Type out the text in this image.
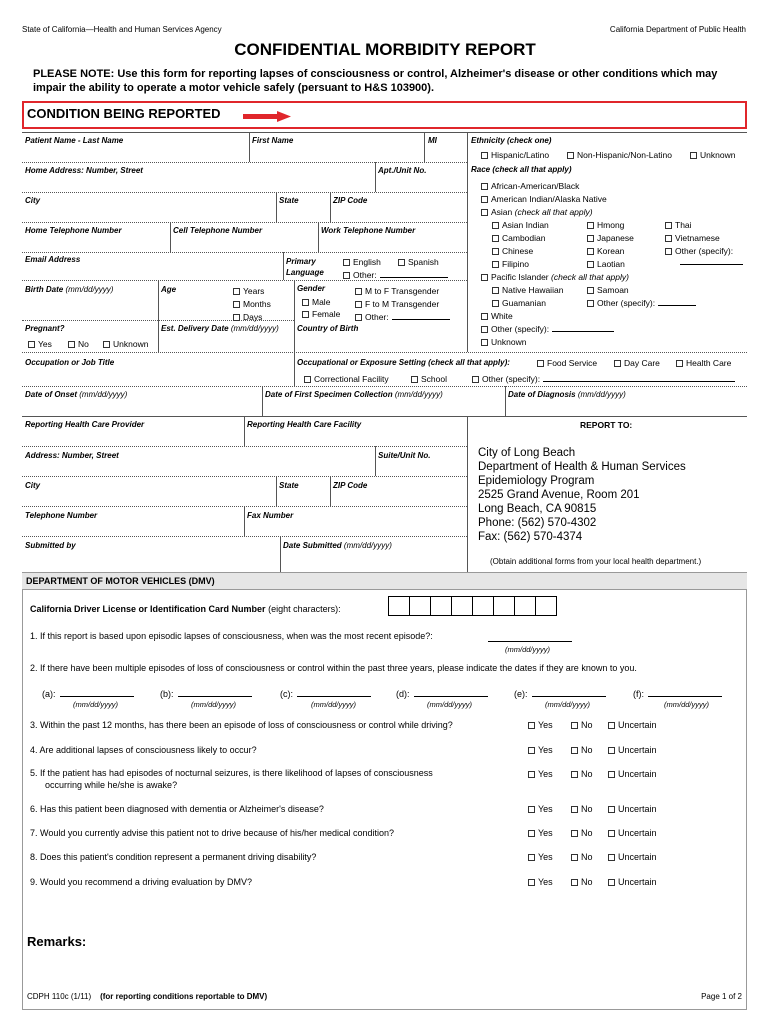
State of California—Health and Human Services Agency	California Department of Public Health
CONFIDENTIAL MORBIDITY REPORT
PLEASE NOTE: Use this form for reporting lapses of consciousness or control, Alzheimer's disease or other conditions which may impair the ability to operate a motor vehicle safely (persuant to H&S 103900).
CONDITION BEING REPORTED
Patient Name - Last Name	First Name	MI
Home Address: Number, Street	Apt./Unit No.
City	State	ZIP Code
Home Telephone Number	Cell Telephone Number	Work Telephone Number
Email Address	Primary
Language
English	Spanish
Other:
Birth Date (mm/dd/yyyy)	Age	Years
Months
Days
Gender
Male
Female
M to F Transgender
F to M Transgender
Other:
Pregnant?
Yes	No	Unknown
Est. Delivery Date (mm/dd/yyyy) Country of Birth
Occupation or Job Title	Occupational or Exposure Setting (check all that apply):	Food Service	Day Care	Health Care
Correctional Facility	School	Other (specify):
Date of Onset (mm/dd/yyyy)	Date of First Specimen Collection (mm/dd/yyyy)	Date of Diagnosis (mm/dd/yyyy)
Ethnicity (check one)
Hispanic/Latino	Non-Hispanic/Non-Latino	Unknown
Race (check all that apply)
African-American/Black
American Indian/Alaska Native
Asian (check all that apply)
Asian Indian	Hmong	Thai
Cambodian	Japanese	Vietnamese
Chinese	Korean	Other (specify):
Filipino	Laotian
Pacific Islander (check all that apply)
Native Hawaiian	Samoan
Guamanian	Other (specify):
White
Other (specify):
Unknown
Reporting Health Care Provider	Reporting Health Care Facility
Address: Number, Street	Suite/Unit No.
City	State	ZIP Code
Telephone Number	Fax Number
Submitted by	Date Submitted (mm/dd/yyyy)
REPORT TO:
City of Long Beach
Department of Health & Human Services
Epidemiology Program
2525 Grand Avenue, Room 201
Long Beach, CA 90815
Phone: (562) 570-4302
Fax: (562) 570-4374
(Obtain additional forms from your local health department.)
DEPARTMENT OF MOTOR VEHICLES (DMV)
California Driver License or Identification Card Number (eight characters):
1. If this report is based upon episodic lapses of consciousness, when was the most recent episode?:
(mm/dd/yyyy)
2. If there have been multiple episodes of loss of consciousness or control within the past three years, please indicate the dates if they are known to you.
(a):
(mm/dd/yyyy)
(b):
(mm/dd/yyyy)
(c):
(mm/dd/yyyy)
(d):
(mm/dd/yyyy)
(e):
(mm/dd/yyyy)
(f):
(mm/dd/yyyy)
3. Within the past 12 months, has there been an episode of loss of consciousness or control while driving?	Yes	No	Uncertain
4. Are additional lapses of consciousness likely to occur?	Yes	No	Uncertain
5. If the patient has had episodes of nocturnal seizures, is there likelihood of lapses of consciousness
occurring while he/she is awake?
Yes	No	Uncertain
6. Has this patient been diagnosed with dementia or Alzheimer's disease?	Yes	No	Uncertain
7. Would you currently advise this patient not to drive because of his/her medical condition?	Yes	No	Uncertain
8. Does this patient's condition represent a permanent driving disability?	Yes	No	Uncertain
9. Would you recommend a driving evaluation by DMV?	Yes	No	Uncertain
Remarks:
CDPH 110c (1/11) (for reporting conditions reportable to DMV)	Page 1 of 2
